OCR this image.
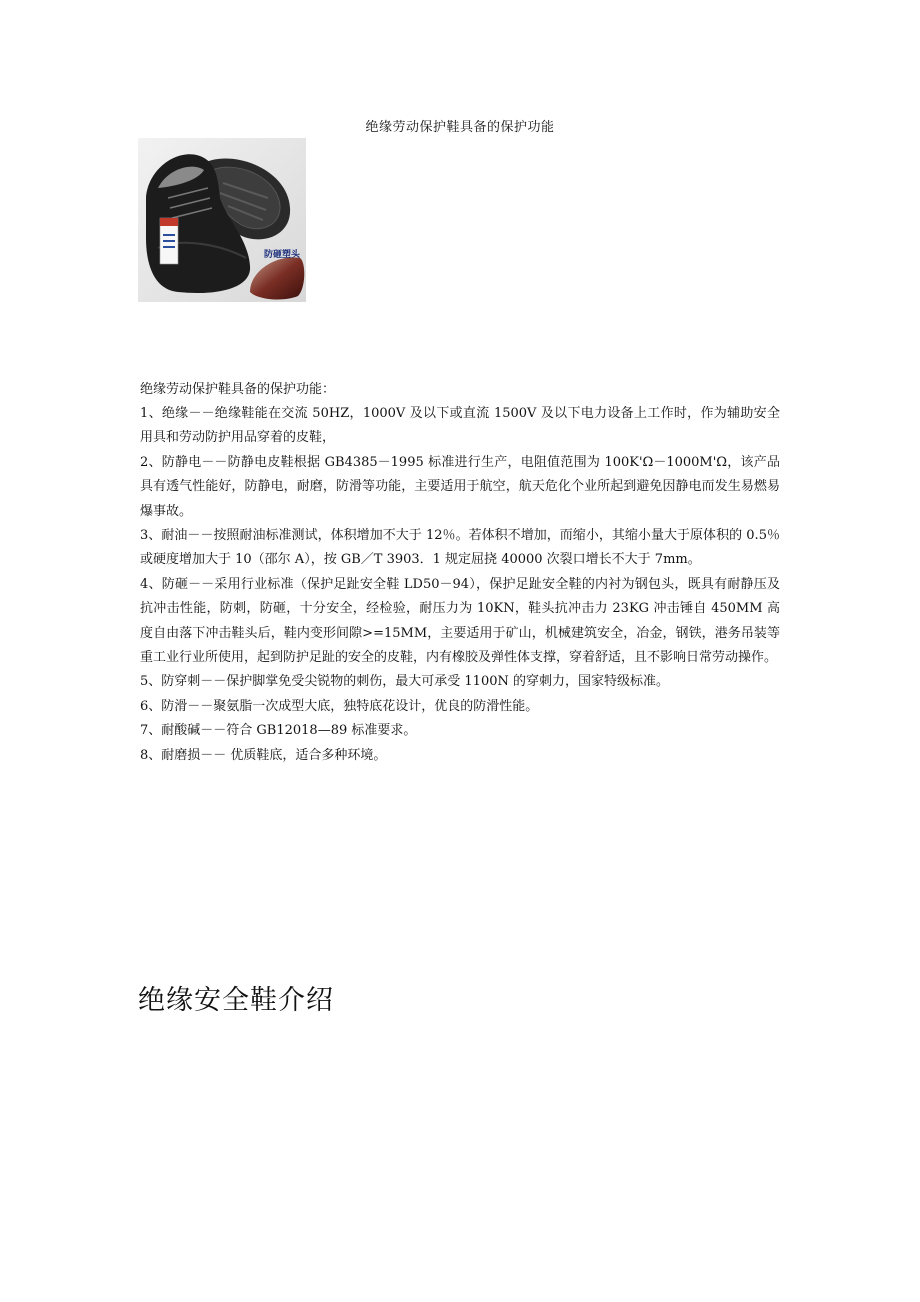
绝缘劳动保护鞋具备的保护功能
防砸塑头
绝缘劳动保护鞋具备的保护功能：

1、绝缘－－绝缘鞋能在交流 50HZ，1000V 及以下或直流 1500V 及以下电力设备上工作时，作为辅助安全用具和劳动防护用品穿着的皮鞋，

2、防静电－－防静电皮鞋根据 GB4385－1995 标准进行生产，电阻值范围为 100K'Ω－1000M'Ω，该产品具有透气性能好，防静电，耐磨，防滑等功能，主要适用于航空，航天危化个业所起到避免因静电而发生易燃易爆事故。

3、耐油－－按照耐油标准测试，体积增加不大于 12％。若体积不增加，而缩小，其缩小量大于原体积的 0.5％或硬度增加大于 10（邵尔 A），按 GB／T 3903．1 规定屈挠 40000 次裂口增长不大于 7mm。

4、防砸－－采用行业标准（保护足趾安全鞋 LD50－94），保护足趾安全鞋的内衬为钢包头，既具有耐静压及抗冲击性能，防刺，防砸，十分安全，经检验，耐压力为 10KN，鞋头抗冲击力 23KG 冲击锤自 450MM 高度自由落下冲击鞋头后，鞋内变形间隙>=15MM，主要适用于矿山，机械建筑安全，冶金，钢铁，港务吊装等重工业行业所使用，起到防护足趾的安全的皮鞋，内有橡胶及弹性体支撑，穿着舒适，且不影响日常劳动操作。

5、防穿刺－－保护脚掌免受尖锐物的刺伤，最大可承受 1100N 的穿刺力，国家特级标准。

6、防滑－－聚氨脂一次成型大底，独特底花设计，优良的防滑性能。

7、耐酸碱－－符合 GB12018—89 标准要求。

8、耐磨损－－ 优质鞋底，适合多种环境。

绝缘安全鞋介绍
